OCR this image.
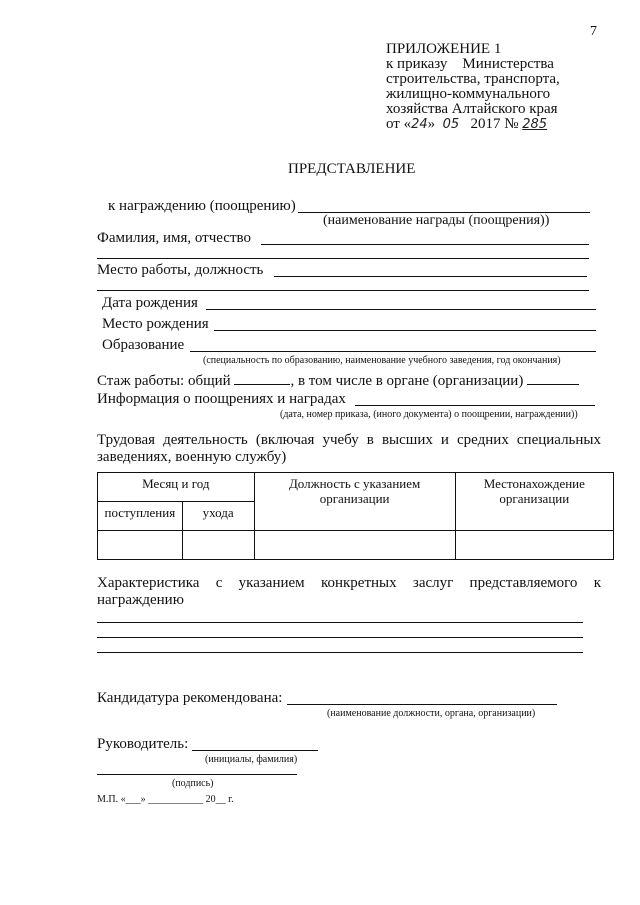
7
ПРИЛОЖЕНИЕ 1
к приказу Министерства
строительства, транспорта,
жилищно-коммунального
хозяйства Алтайского края
от «24» 05 2017 № 285
ПРЕДСТАВЛЕНИЕ
к награждению (поощрению)
(наименование награды (поощрения))
Фамилия, имя, отчество
Место работы, должность
Дата рождения
Место рождения
Образование
(специальность по образованию, наименование учебного заведения, год окончания)
Стаж работы: общий	, в том числе в органе (организации)
Информация о поощрениях и наградах
(дата, номер приказа, (иного документа) о поощрении, награждении))
Трудовая деятельность (включая учебу в высших и средних специальных заведениях, военную службу)
Месяц и год		Должность с указанием организации	Местонахождение организации
поступления	ухода		

Характеристика с указанием конкретных заслуг представляемого к награждению
Кандидатура рекомендована:
(наименование должности, органа, организации)
Руководитель:
(инициалы, фамилия)
(подпись)
М.П. «___» ___________ 20__ г.
